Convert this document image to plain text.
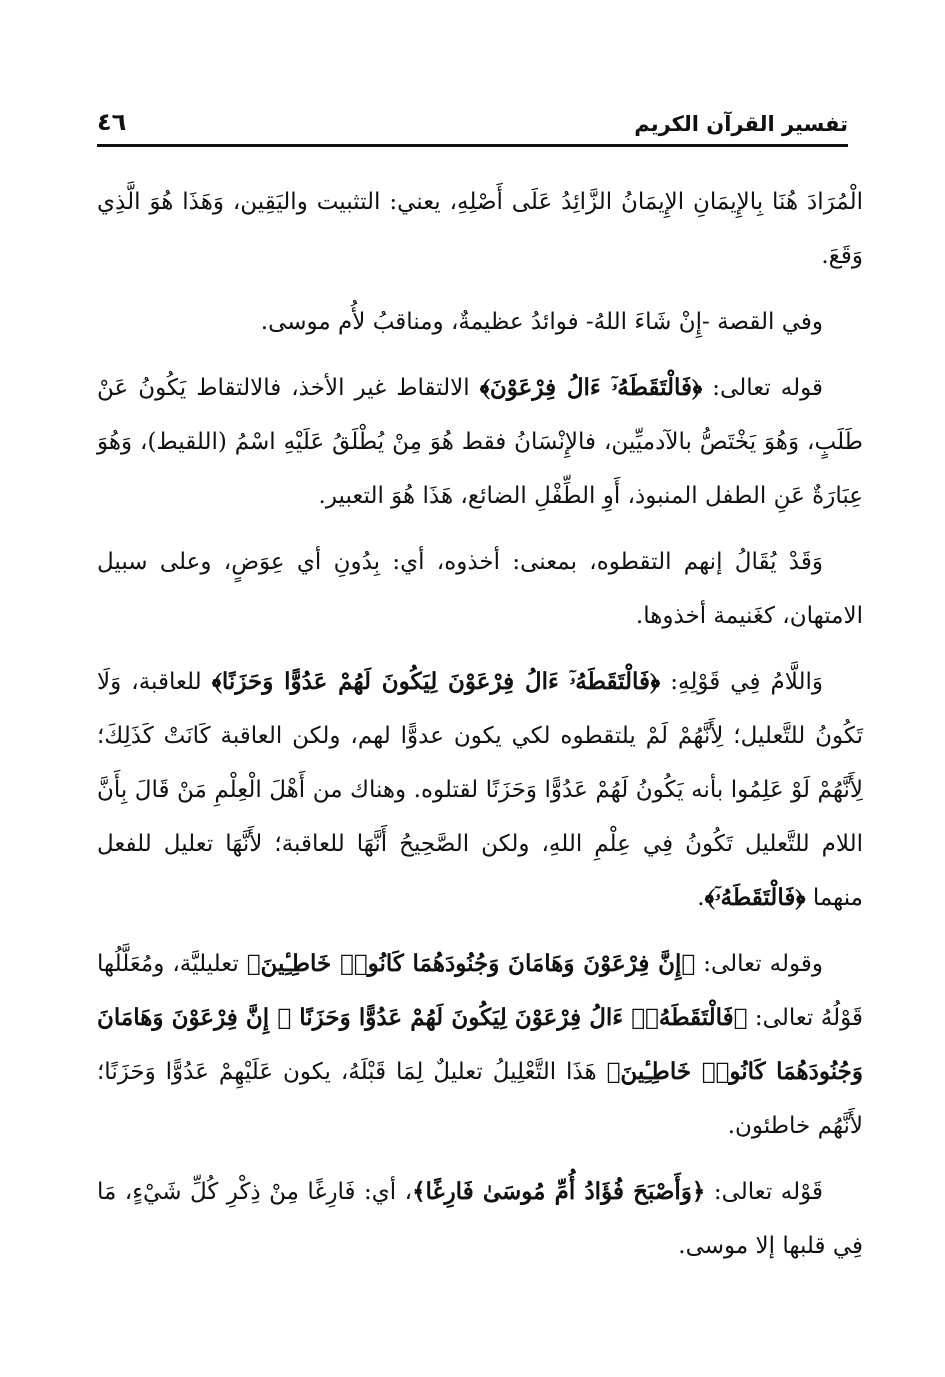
٤٦	تفسير القرآن الكريم

الْمُرَادَ هُنَا بِالإِيمَانِ الإِيمَانُ الزَّائِدُ عَلَى أَصْلِهِ، يعني: التثبيت واليَقِين، وَهَذَا هُوَ الَّذِي وَقَعَ.

وفي القصة -إِنْ شَاءَ اللهُ- فوائدُ عظيمةٌ، ومناقبُ لأُم موسى.

قوله تعالى: ﴿فَالْتَقَطَهُۥٓ ءَالُ فِرْعَوْنَ﴾ الالتقاط غير الأخذ، فالالتقاط يَكُونُ عَنْ طَلَبٍ، وَهُوَ يَخْتَصُّ بالآدميِّين، فالإِنْسَانُ فقط هُوَ مِنْ يُطْلَقُ عَلَيْهِ اسْمُ (اللقيط)، وَهُوَ عِبَارَةٌ عَنِ الطفل المنبوذ، أَوِ الطِّفْلِ الضائع، هَذَا هُوَ التعبير.

وَقَدْ يُقَالُ إنهم التقطوه، بمعنى: أخذوه، أي: بِدُونِ أي عِوَضٍ، وعلى سبيل الامتهان، كغَنيمة أخذوها.

وَاللَّامُ فِي قَوْلِهِ: ﴿فَالْتَقَطَهُۥٓ ءَالُ فِرْعَوْنَ لِيَكُونَ لَهُمْ عَدُوًّا وَحَزَنًا﴾ للعاقبة، وَلَا تَكُونُ للتَّعليل؛ لِأَنَّهُمْ لَمْ يلتقطوه لكي يكون عدوًّا لهم، ولكن العاقبة كَانَتْ كَذَلِكَ؛ لِأَنَّهُمْ لَوْ عَلِمُوا بأنه يَكُونُ لَهُمْ عَدُوًّا وَحَزَنًا لقتلوه. وهناك من أَهْلَ الْعِلْمِ مَنْ قَالَ بِأَنَّ اللام للتَّعليل تَكُونُ فِي عِلْمِ اللهِ، ولكن الصَّحِيحُ أَنَّهَا للعاقبة؛ لأَنَّهَا تعليل للفعل منهما ﴿فَالْتَقَطَهُۥٓ﴾.

وقوله تعالى: ﴿إِنَّ فِرْعَوْنَ وَهَامَانَ وَجُنُودَهُمَا كَانُوا۟ خَاطِـِٔينَ﴾ تعليليَّة، ومُعَلَّلُها قَوْلُهُ تعالى: ﴿فَالْتَقَطَهُۥٓ ءَالُ فِرْعَوْنَ لِيَكُونَ لَهُمْ عَدُوًّا وَحَزَنًا ۗ إِنَّ فِرْعَوْنَ وَهَامَانَ وَجُنُودَهُمَا كَانُوا۟ خَاطِـِٔينَ﴾ هَذَا التَّعْلِيلُ تعليلٌ لِمَا قَبْلَهُ، يكون عَلَيْهِمْ عَدُوًّا وَحَزَنًا؛ لأَنَّهُم خاطئون.

قَوْله تعالى: ﴿وَأَصْبَحَ فُؤَادُ أُمِّ مُوسَىٰ فَارِغًا﴾، أي: فَارِغًا مِنْ ذِكْرِ كُلِّ شَيْءٍ، مَا فِي قلبها إلا موسى.
